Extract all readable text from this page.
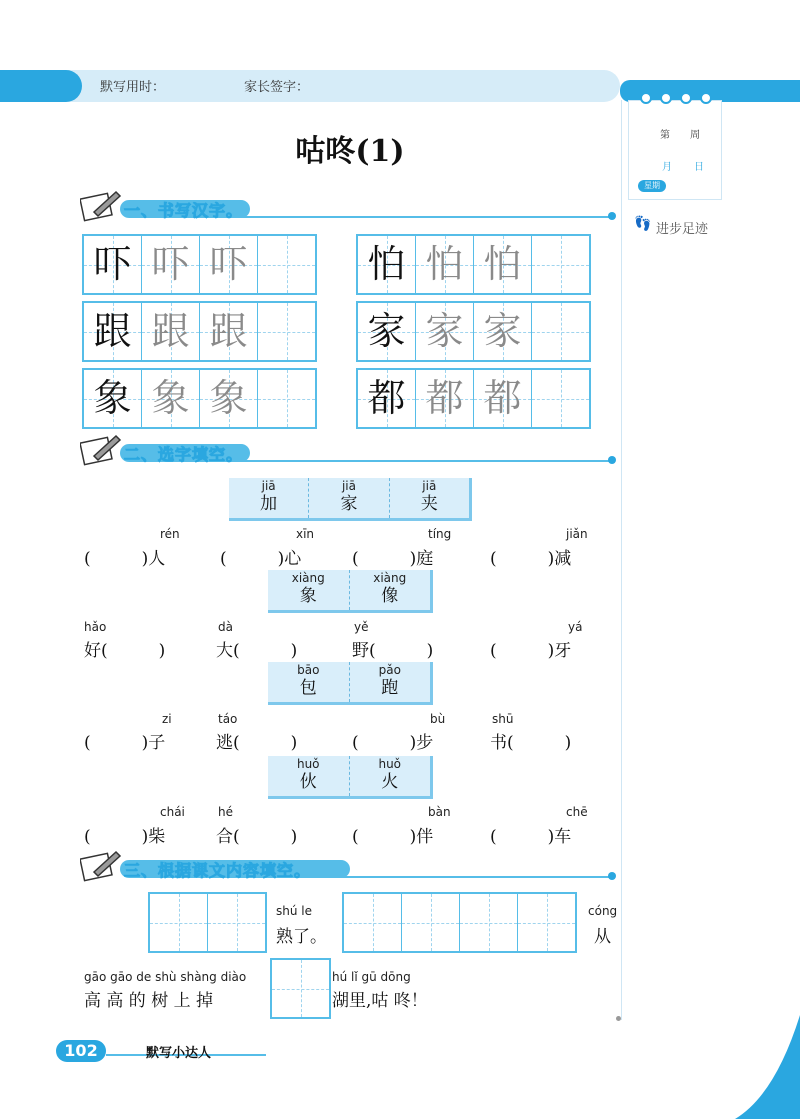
默写用时：	家长签字：
第 周
月 日
星期
👣 进步足迹
咕咚(1)
一、书写汉字。
吓 吓 吓
跟 跟 跟
象 象 象
怕 怕 怕
家 家 家
都 都 都
二、选字填空。
jiā
加
jiā
家
jiā
夹
rén
(　　　)人
xīn
(　　　)心
tíng
(　　　)庭
jiǎn
(　　　)减
xiàng
象
xiàng
像
hǎo
好(　　　)
dà
大(　　　)
yě
野(　　　)
yá
(　　　)牙
bāo
包
pǎo
跑
zi
(　　　)子
táo
逃(　　　)
bù
(　　　)步
shū
书(　　　)
huǒ
伙
huǒ
火
chái
(　　　)柴
hé
合(　　　)
bàn
(　　　)伴
chē
(　　　)车
三、根据课文内容填空。
shú le
熟了。
cóng
从
gāo gāo de shù shàng diào
高 高 的 树 上 掉
hú lǐ gū dōng
湖里,咕 咚！
102	默写小达人
